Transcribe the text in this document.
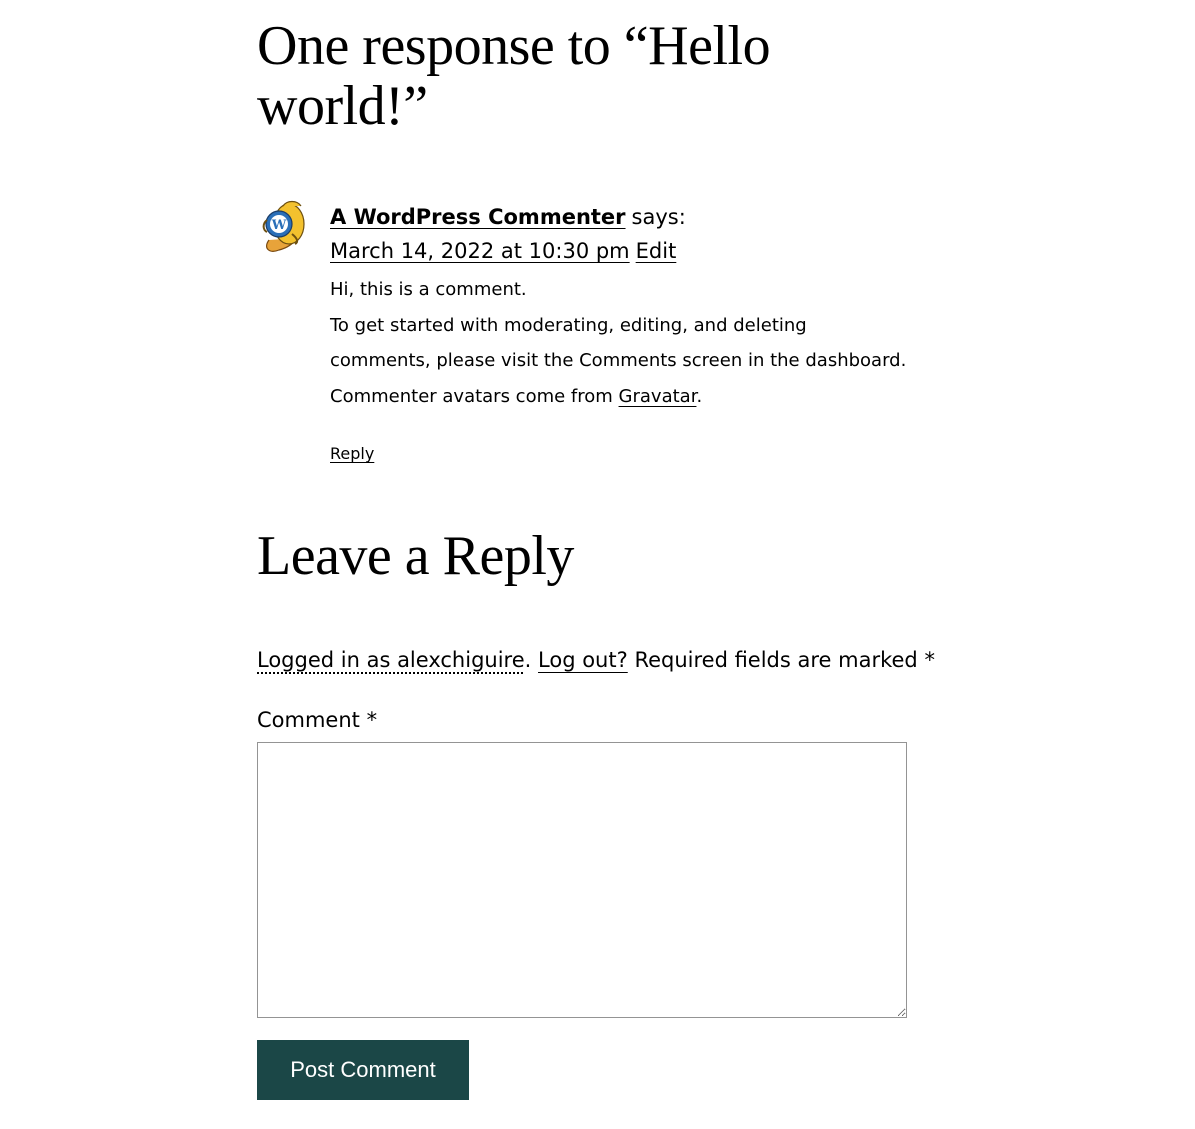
One response to “Hello world!”
W A WordPress Commenter says:
March 14, 2022 at 10:30 pm Edit

Hi, this is a comment.

To get started with moderating, editing, and deleting comments, please visit the Comments screen in the dashboard.

Commenter avatars come from Gravatar.

Reply
Leave a Reply

Logged in as alexchiguire. Log out? Required fields are marked *

Comment *
Post Comment
